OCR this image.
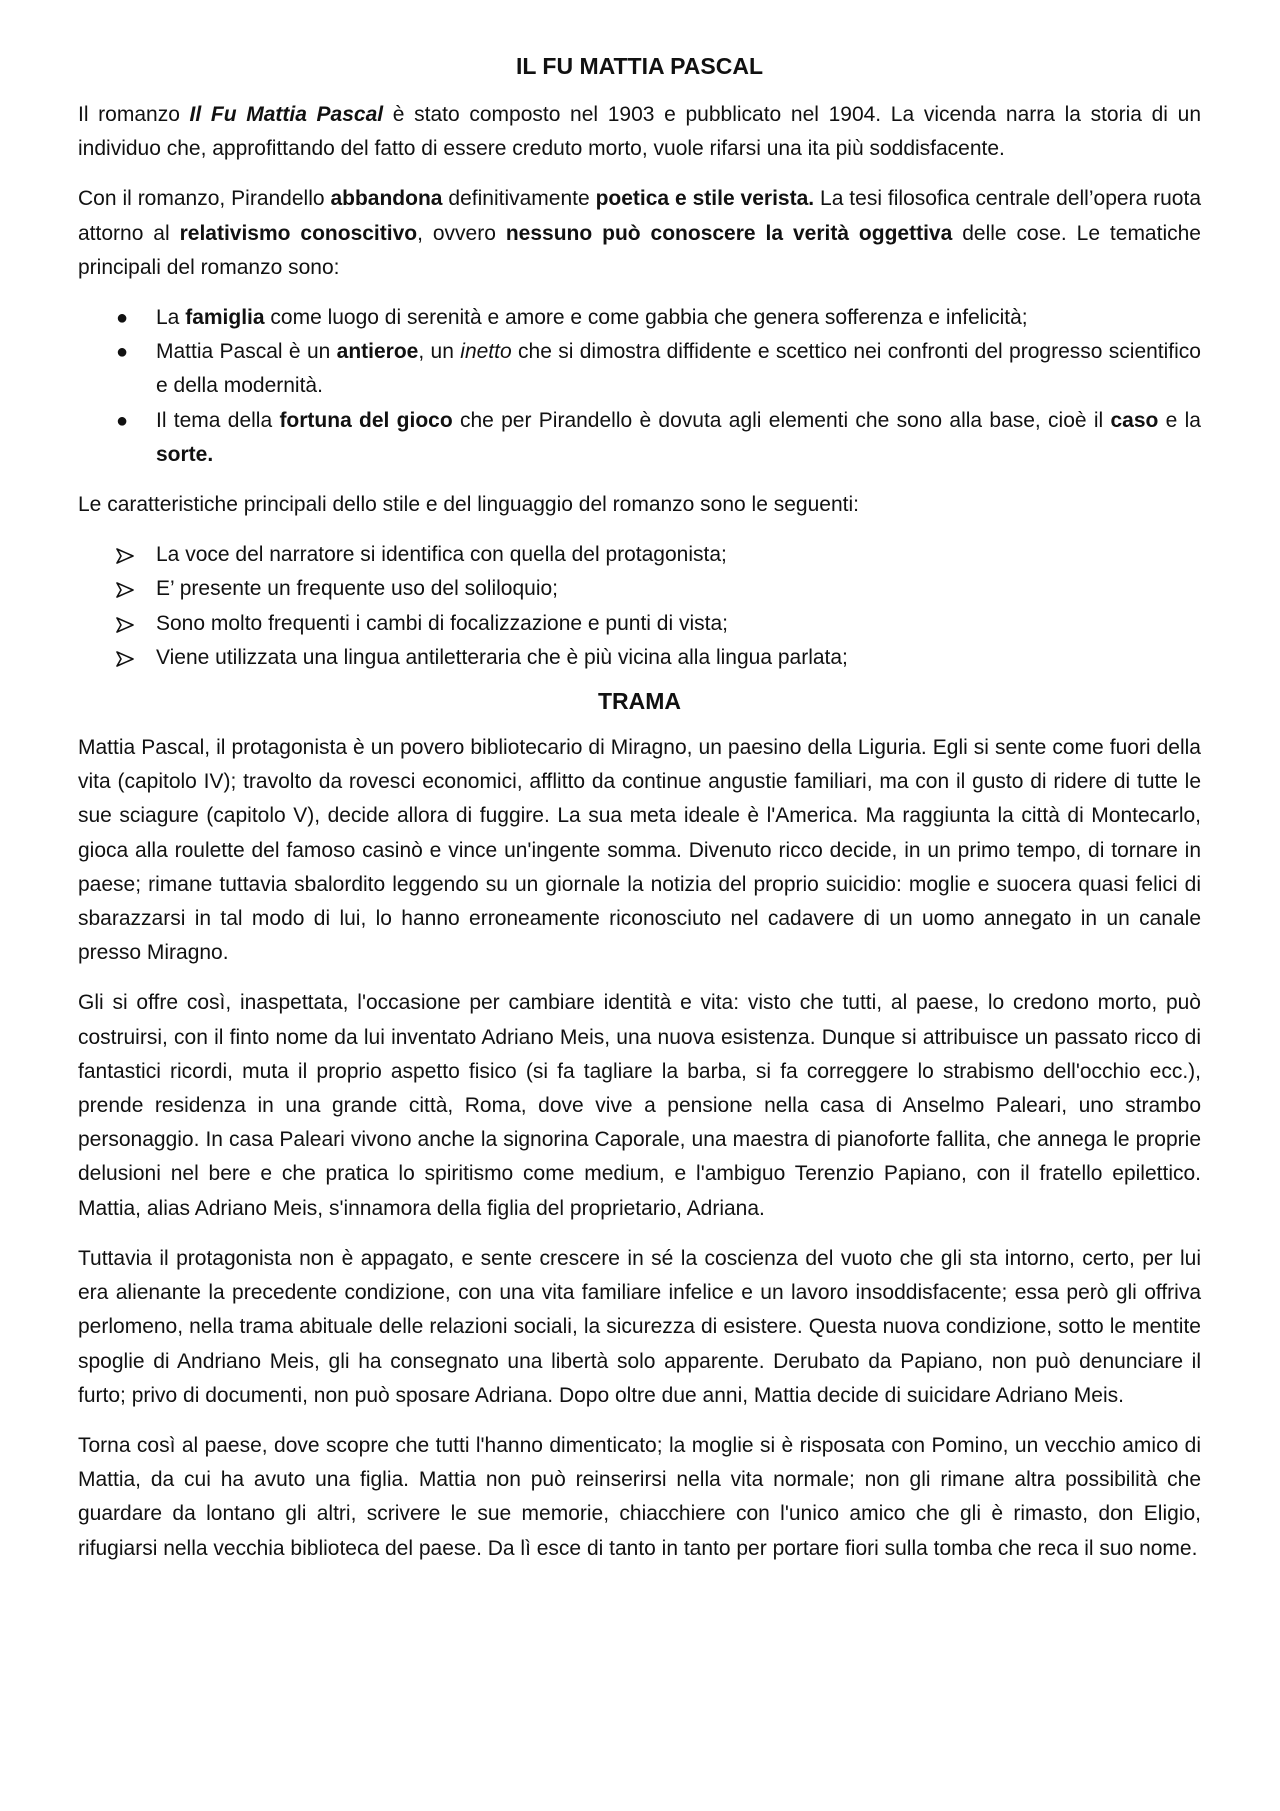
IL FU MATTIA PASCAL

Il romanzo Il Fu Mattia Pascal è stato composto nel 1903 e pubblicato nel 1904. La vicenda narra la storia di un individuo che, approfittando del fatto di essere creduto morto, vuole rifarsi una ita più soddisfacente.

Con il romanzo, Pirandello abbandona definitivamente poetica e stile verista. La tesi filosofica centrale dell’opera ruota attorno al relativismo conoscitivo, ovvero nessuno può conoscere la verità oggettiva delle cose. Le tematiche principali del romanzo sono:

●	La famiglia come luogo di serenità e amore e come gabbia che genera sofferenza e infelicità;
●	Mattia Pascal è un antieroe, un inetto che si dimostra diffidente e scettico nei confronti del progresso scientifico e della modernità.
●	Il tema della fortuna del gioco che per Pirandello è dovuta agli elementi che sono alla base, cioè il caso e la sorte.

Le caratteristiche principali dello stile e del linguaggio del romanzo sono le seguenti:

La voce del narratore si identifica con quella del protagonista;
E’ presente un frequente uso del soliloquio;
Sono molto frequenti i cambi di focalizzazione e punti di vista;
Viene utilizzata una lingua antiletteraria che è più vicina alla lingua parlata;
TRAMA

Mattia Pascal, il protagonista è un povero bibliotecario di Miragno, un paesino della Liguria. Egli si sente come fuori della vita (capitolo IV); travolto da rovesci economici, afflitto da continue angustie familiari, ma con il gusto di ridere di tutte le sue sciagure (capitolo V), decide allora di fuggire. La sua meta ideale è l'America. Ma raggiunta la città di Montecarlo, gioca alla roulette del famoso casinò e vince un'ingente somma. Divenuto ricco decide, in un primo tempo, di tornare in paese; rimane tuttavia sbalordito leggendo su un giornale la notizia del proprio suicidio: moglie e suocera quasi felici di sbarazzarsi in tal modo di lui, lo hanno erroneamente riconosciuto nel cadavere di un uomo annegato in un canale presso Miragno.

Gli si offre così, inaspettata, l'occasione per cambiare identità e vita: visto che tutti, al paese, lo credono morto, può costruirsi, con il finto nome da lui inventato Adriano Meis, una nuova esistenza. Dunque si attribuisce un passato ricco di fantastici ricordi, muta il proprio aspetto fisico (si fa tagliare la barba, si fa correggere lo strabismo dell'occhio ecc.), prende residenza in una grande città, Roma, dove vive a pensione nella casa di Anselmo Paleari, uno strambo personaggio. In casa Paleari vivono anche la signorina Caporale, una maestra di pianoforte fallita, che annega le proprie delusioni nel bere e che pratica lo spiritismo come medium, e l'ambiguo Terenzio Papiano, con il fratello epilettico. Mattia, alias Adriano Meis, s'innamora della figlia del proprietario, Adriana.

Tuttavia il protagonista non è appagato, e sente crescere in sé la coscienza del vuoto che gli sta intorno, certo, per lui era alienante la precedente condizione, con una vita familiare infelice e un lavoro insoddisfacente; essa però gli offriva perlomeno, nella trama abituale delle relazioni sociali, la sicurezza di esistere. Questa nuova condizione, sotto le mentite spoglie di Andriano Meis, gli ha consegnato una libertà solo apparente. Derubato da Papiano, non può denunciare il furto; privo di documenti, non può sposare Adriana. Dopo oltre due anni, Mattia decide di suicidare Adriano Meis.

Torna così al paese, dove scopre che tutti l'hanno dimenticato; la moglie si è risposata con Pomino, un vecchio amico di Mattia, da cui ha avuto una figlia. Mattia non può reinserirsi nella vita normale; non gli rimane altra possibilità che guardare da lontano gli altri, scrivere le sue memorie, chiacchiere con l'unico amico che gli è rimasto, don Eligio, rifugiarsi nella vecchia biblioteca del paese. Da lì esce di tanto in tanto per portare fiori sulla tomba che reca il suo nome.
